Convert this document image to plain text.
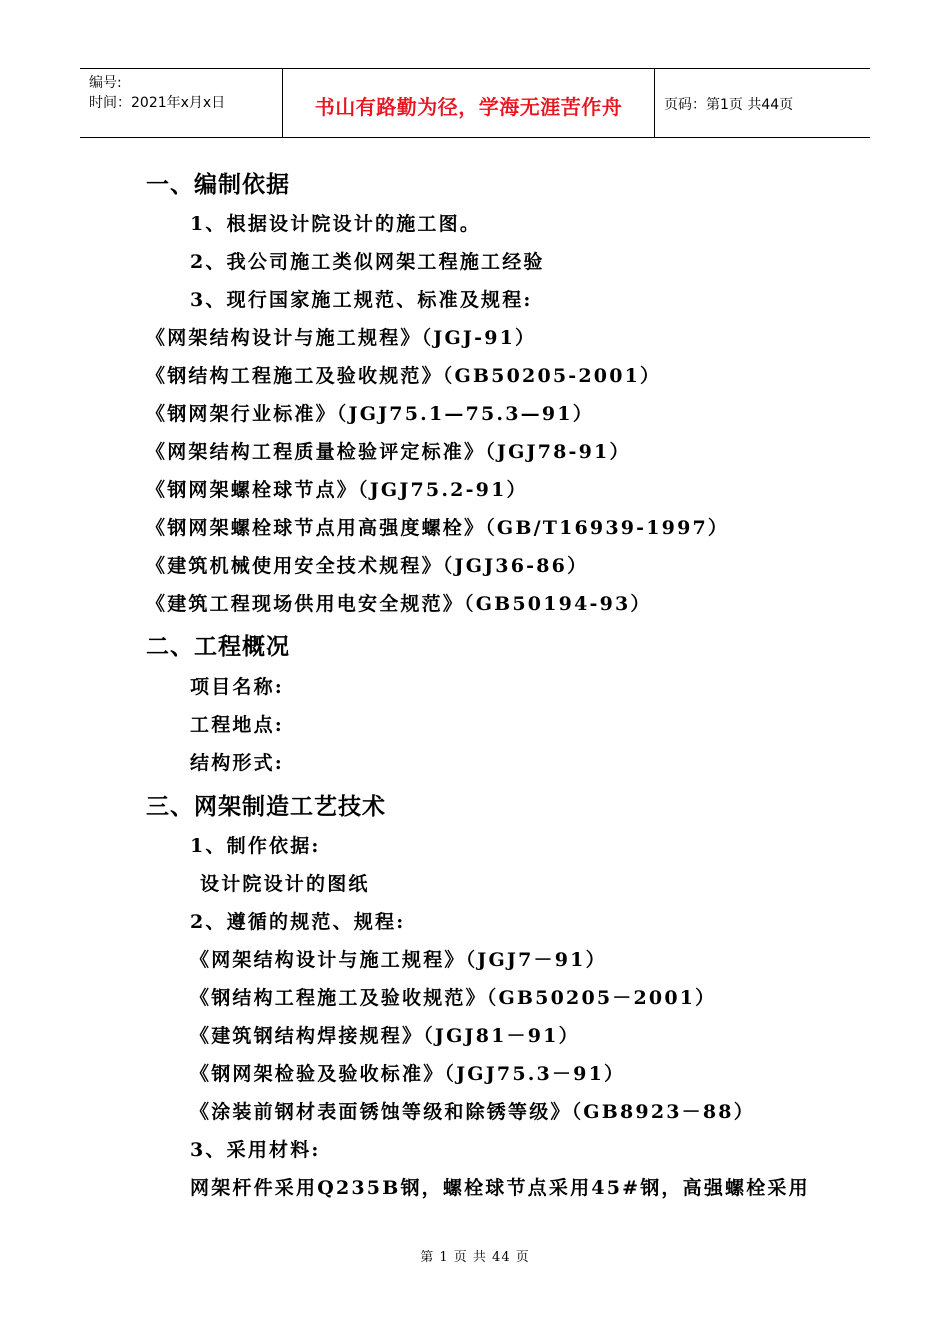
编号:
时间：2021年x月x日	书山有路勤为径，学海无涯苦作舟	页码：第1页 共44页
一、编制依据
1、根据设计院设计的施工图。
2、我公司施工类似网架工程施工经验
3、现行国家施工规范、标准及规程:
《网架结构设计与施工规程》（JGJ-91）
《钢结构工程施工及验收规范》（GB50205-2001）
《钢网架行业标准》（JGJ75.1—75.3—91）
《网架结构工程质量检验评定标准》（JGJ78-91）
《钢网架螺栓球节点》（JGJ75.2-91）
《钢网架螺栓球节点用高强度螺栓》（GB/T16939-1997）
《建筑机械使用安全技术规程》（JGJ36-86）
《建筑工程现场供用电安全规范》（GB50194-93）
二、工程概况
项目名称:
工程地点:
结构形式:
三、网架制造工艺技术
1、制作依据:
设计院设计的图纸
2、遵循的规范、规程:
《网架结构设计与施工规程》（JGJ7－91）
《钢结构工程施工及验收规范》（GB50205－2001）
《建筑钢结构焊接规程》（JGJ81－91）
《钢网架检验及验收标准》（JGJ75.3－91）
《涂装前钢材表面锈蚀等级和除锈等级》（GB8923－88）
3、采用材料:
网架杆件采用Q235B钢，螺栓球节点采用45#钢，高强螺栓采用
第 1 页 共 44 页
